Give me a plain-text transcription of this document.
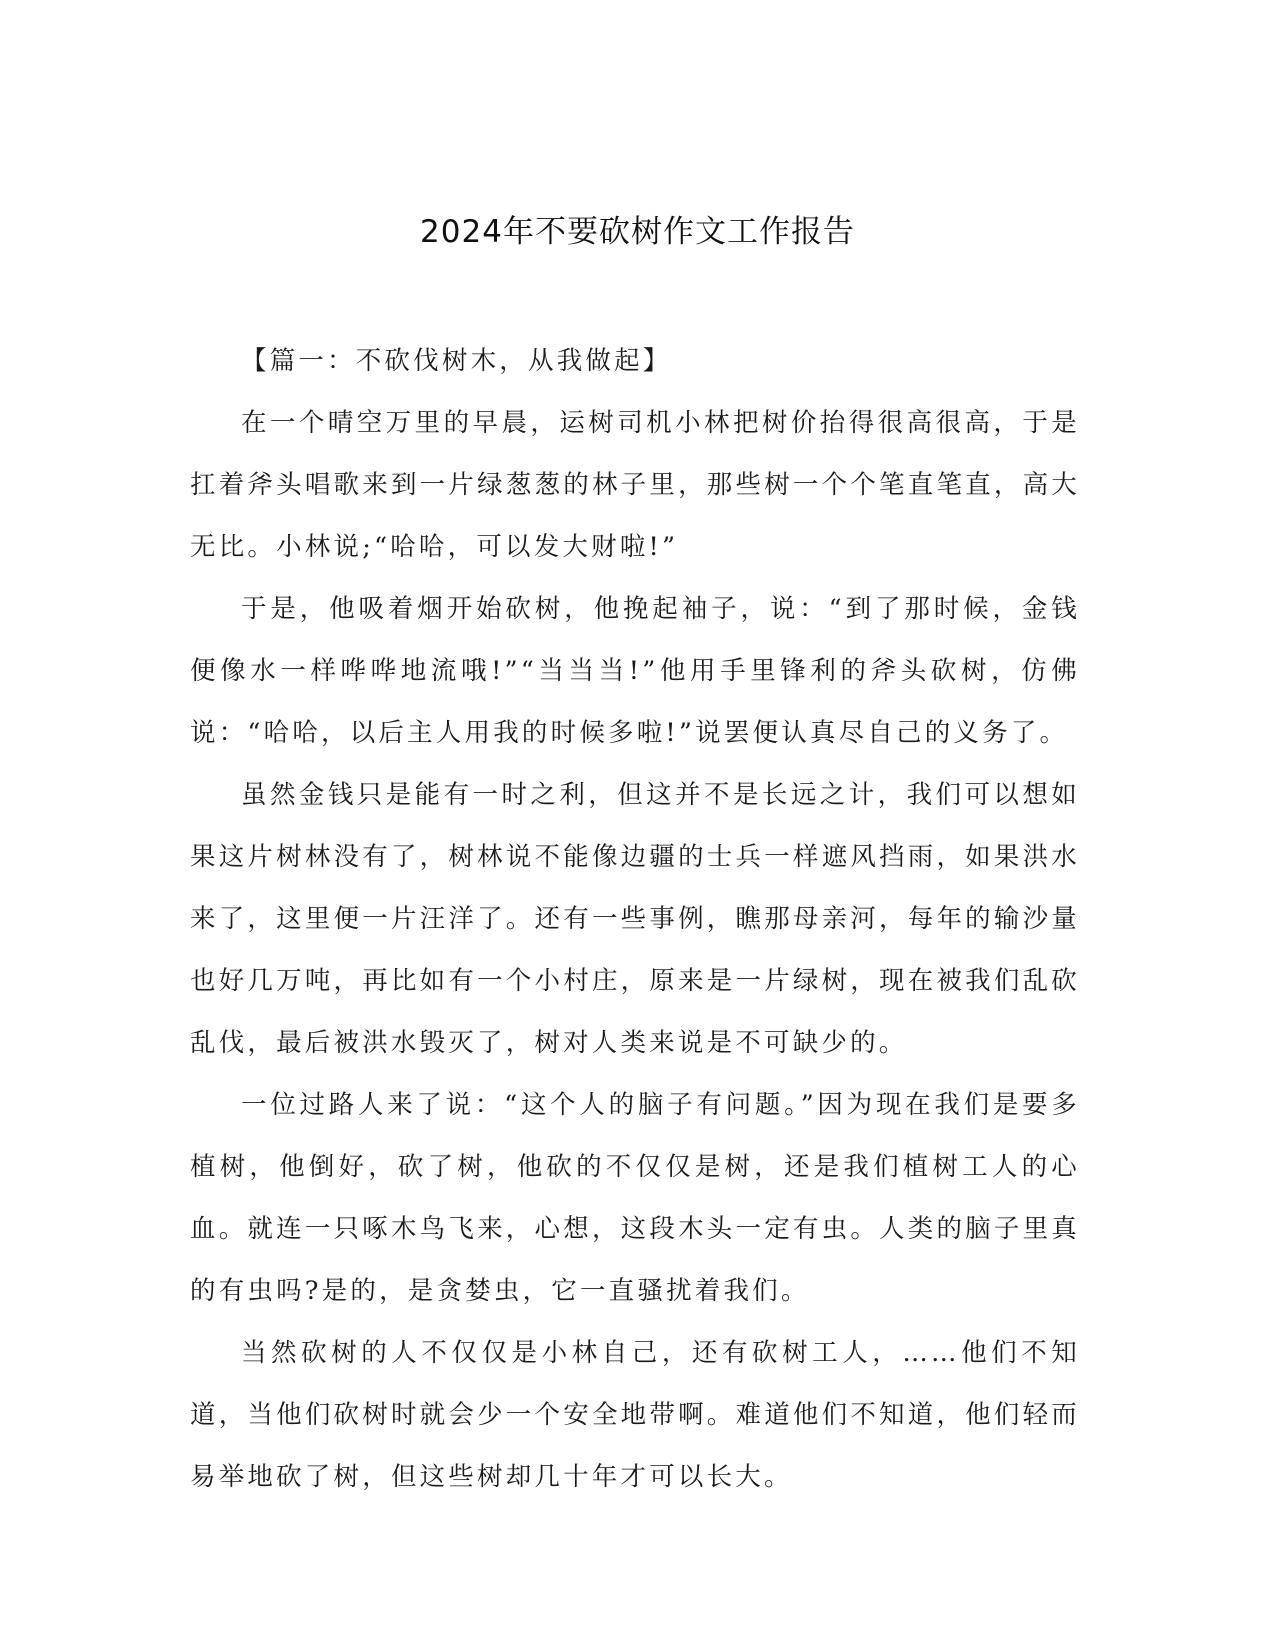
2024年不要砍树作文工作报告

【篇一：不砍伐树木，从我做起】

在一个晴空万里的早晨，运树司机小林把树价抬得很高很高，于是扛着斧头唱歌来到一片绿葱葱的林子里，那些树一个个笔直笔直，高大无比。小林说;“哈哈，可以发大财啦!”

于是，他吸着烟开始砍树，他挽起袖子，说：“到了那时候，金钱便像水一样哗哗地流哦!”“当当当!”他用手里锋利的斧头砍树，仿佛说：“哈哈，以后主人用我的时候多啦!”说罢便认真尽自己的义务了。

虽然金钱只是能有一时之利，但这并不是长远之计，我们可以想如果这片树林没有了，树林说不能像边疆的士兵一样遮风挡雨，如果洪水来了，这里便一片汪洋了。还有一些事例，瞧那母亲河，每年的输沙量也好几万吨，再比如有一个小村庄，原来是一片绿树，现在被我们乱砍乱伐，最后被洪水毁灭了，树对人类来说是不可缺少的。

一位过路人来了说：“这个人的脑子有问题。”因为现在我们是要多植树，他倒好，砍了树，他砍的不仅仅是树，还是我们植树工人的心血。就连一只啄木鸟飞来，心想，这段木头一定有虫。人类的脑子里真的有虫吗?是的，是贪婪虫，它一直骚扰着我们。

当然砍树的人不仅仅是小林自己，还有砍树工人，……他们不知道，当他们砍树时就会少一个安全地带啊。难道他们不知道，他们轻而易举地砍了树，但这些树却几十年才可以长大。
